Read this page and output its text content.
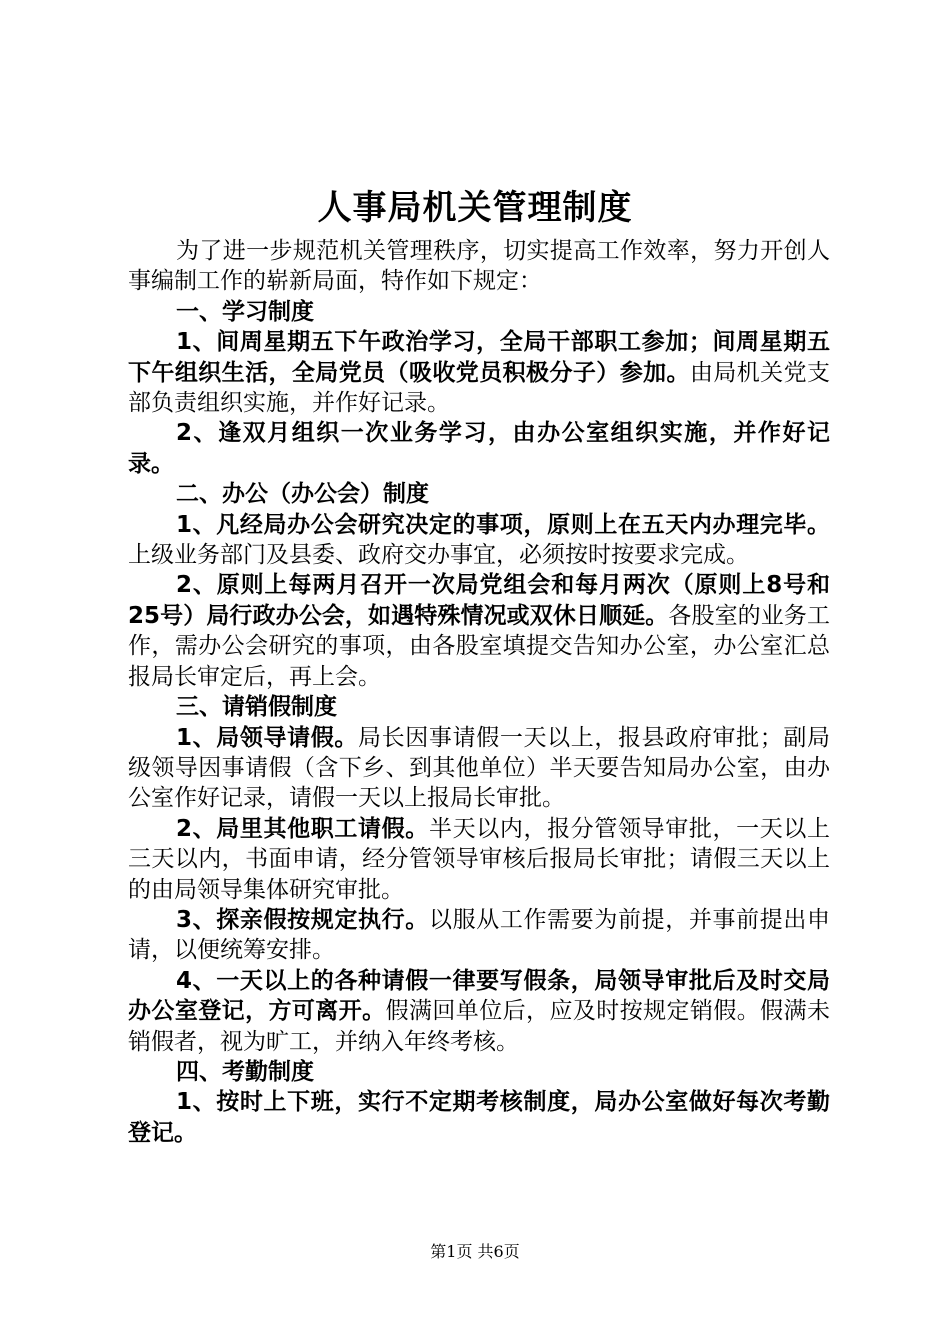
人事局机关管理制度

为了进一步规范机关管理秩序，切实提高工作效率，努力开创人事编制工作的崭新局面，特作如下规定：

一、学习制度

1、间周星期五下午政治学习，全局干部职工参加；间周星期五下午组织生活，全局党员（吸收党员积极分子）参加。由局机关党支部负责组织实施，并作好记录。

2、逢双月组织一次业务学习，由办公室组织实施，并作好记录。

二、办公（办公会）制度

1、凡经局办公会研究决定的事项，原则上在五天内办理完毕。上级业务部门及县委、政府交办事宜，必须按时按要求完成。

2、原则上每两月召开一次局党组会和每月两次（原则上8号和25号）局行政办公会，如遇特殊情况或双休日顺延。各股室的业务工作，需办公会研究的事项，由各股室填提交告知办公室，办公室汇总报局长审定后，再上会。

三、请销假制度

1、局领导请假。局长因事请假一天以上，报县政府审批；副局级领导因事请假（含下乡、到其他单位）半天要告知局办公室，由办公室作好记录，请假一天以上报局长审批。

2、局里其他职工请假。半天以内，报分管领导审批，一天以上三天以内，书面申请，经分管领导审核后报局长审批；请假三天以上的由局领导集体研究审批。

3、探亲假按规定执行。以服从工作需要为前提，并事前提出申请，以便统筹安排。

4、一天以上的各种请假一律要写假条，局领导审批后及时交局办公室登记，方可离开。假满回单位后，应及时按规定销假。假满未销假者，视为旷工，并纳入年终考核。

四、考勤制度

1、按时上下班，实行不定期考核制度，局办公室做好每次考勤登记。

第1页 共6页
